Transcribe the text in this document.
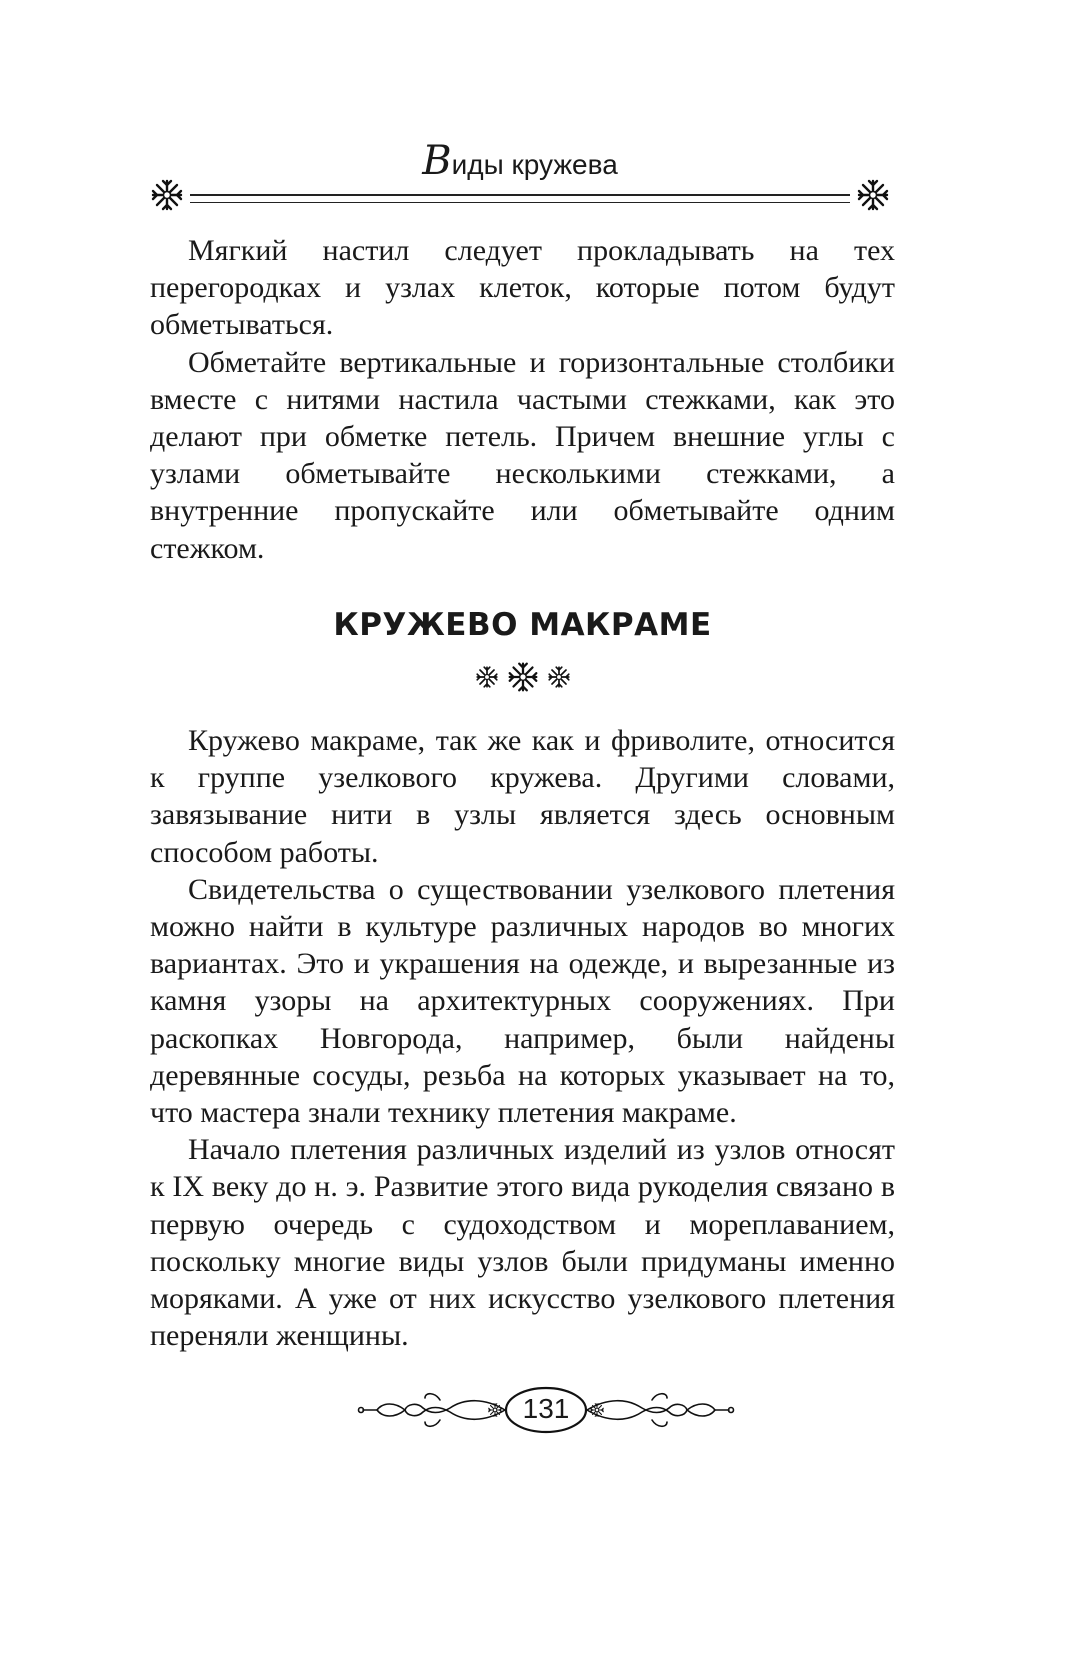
Виды кружева

Мягкий настил следует прокладывать на тех перегородках и узлах клеток, которые потом будут обметываться.

Обметайте вертикальные и горизонтальные столбики вместе с нитями настила частыми стежками, как это делают при обметке петель. Причем внешние углы с узлами обметывайте несколькими стежками, а внутренние пропускайте или обметывайте одним стежком.

КРУЖЕВО МАКРАМЕ

Кружево макраме, так же как и фриволите, относится к группе узелкового кружева. Другими словами, завязывание нити в узлы является здесь основным способом работы.

Свидетельства о существовании узелкового плетения можно найти в культуре различных народов во многих вариантах. Это и украшения на одежде, и вырезанные из камня узоры на архитектурных сооружениях. При раскопках Новгорода, например, были найдены деревянные сосуды, резьба на которых указывает на то, что мастера знали технику плетения макраме.

Начало плетения различных изделий из узлов относят к IX веку до н. э. Развитие этого вида рукоделия связано в первую очередь с судоходством и мореплаванием, поскольку многие виды узлов были придуманы именно моряками. А уже от них искусство узелкового плетения переняли женщины.

131
